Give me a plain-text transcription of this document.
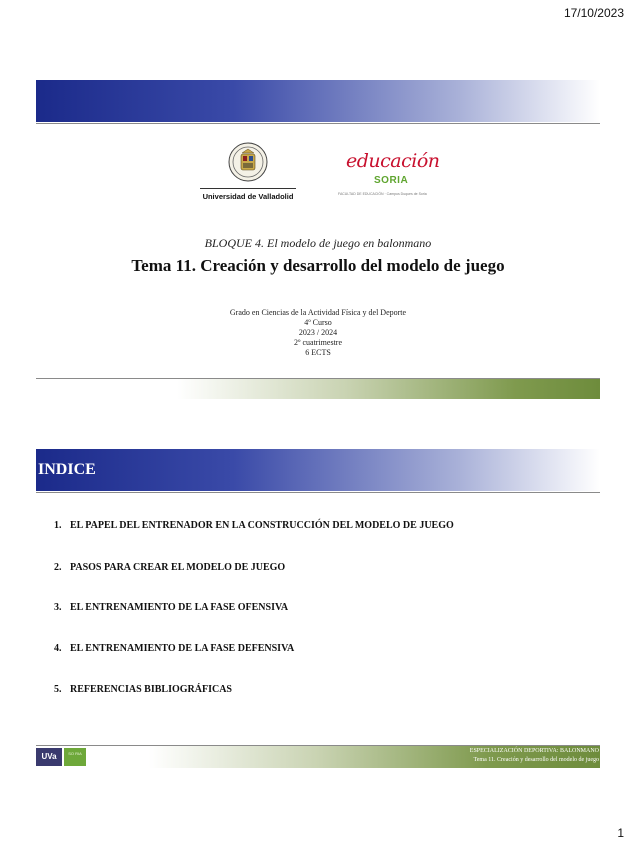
17/10/2023
Universidad de Valladolid
educación
SORIA
FACULTAD DE EDUCACIÓN · Campus Duques de Soria
BLOQUE 4. El modelo de juego en balonmano
Tema 11. Creación y desarrollo del modelo de juego
Grado en Ciencias de la Actividad Física y del Deporte
4º Curso
2023 / 2024
2º cuatrimestre
6 ECTS
INDICE
1. EL PAPEL DEL ENTRENADOR EN LA CONSTRUCCIÓN DEL MODELO DE JUEGO
2. PASOS PARA CREAR EL MODELO DE JUEGO
3. EL ENTRENAMIENTO DE LA FASE OFENSIVA
4. EL ENTRENAMIENTO DE LA FASE DEFENSIVA
5. REFERENCIAS BIBLIOGRÁFICAS
UVa	SO RIA	ESPECIALIZACIÓN DEPORTIVA: BALONMANO
Tema 11. Creación y desarrollo del modelo de juego
1
